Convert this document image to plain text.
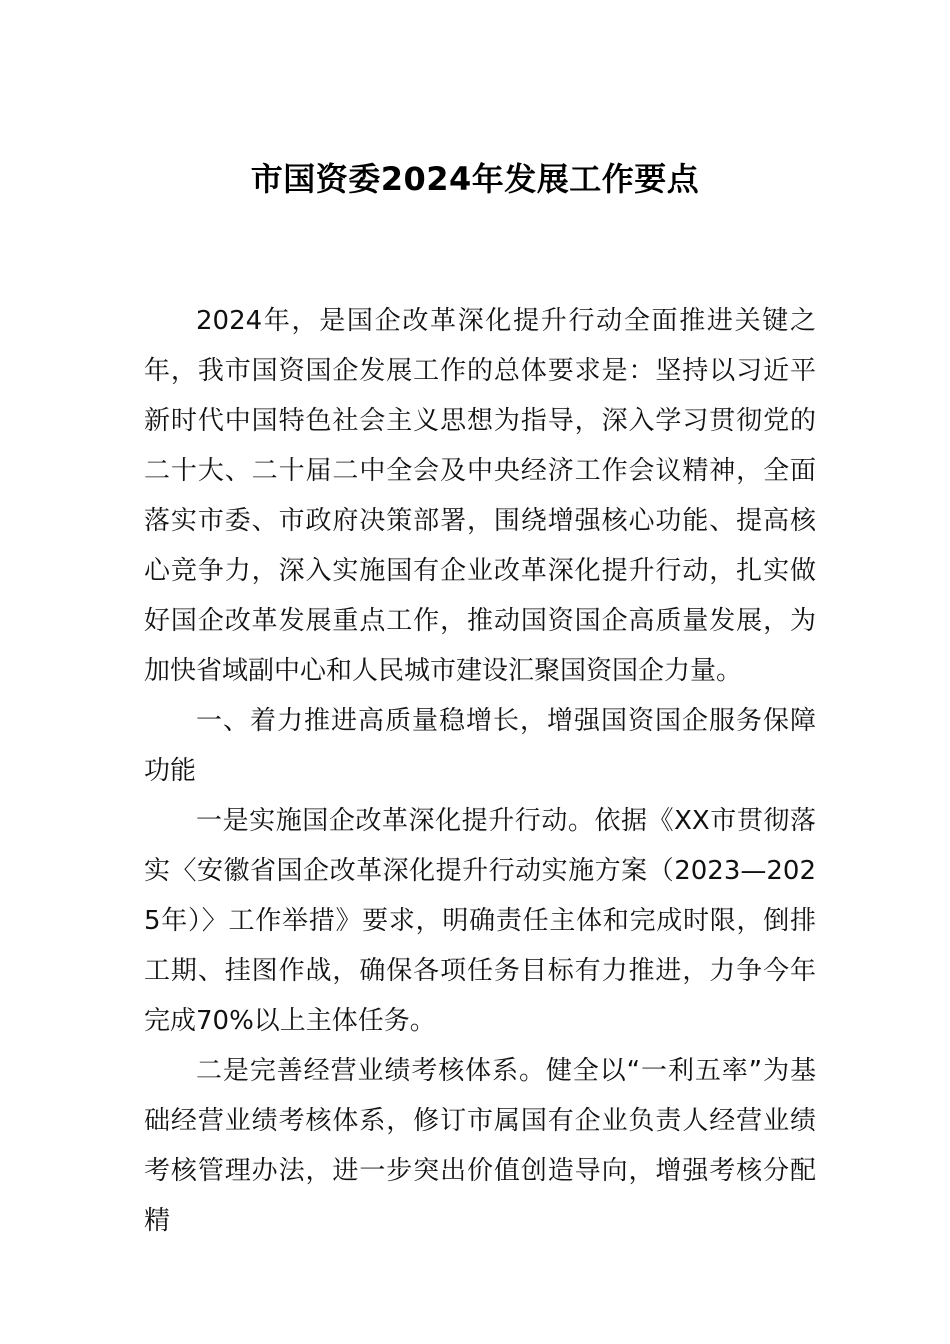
市国资委2024年发展工作要点

2024年，是国企改革深化提升行动全面推进关键之年，我市国资国企发展工作的总体要求是：坚持以习近平新时代中国特色社会主义思想为指导，深入学习贯彻党的二十大、二十届二中全会及中央经济工作会议精神，全面落实市委、市政府决策部署，围绕增强核心功能、提高核心竞争力，深入实施国有企业改革深化提升行动，扎实做好国企改革发展重点工作，推动国资国企高质量发展，为加快省域副中心和人民城市建设汇聚国资国企力量。

一、着力推进高质量稳增长，增强国资国企服务保障功能

一是实施国企改革深化提升行动。依据《XX市贯彻落实〈安徽省国企改革深化提升行动实施方案（2023—2025年）〉工作举措》要求，明确责任主体和完成时限，倒排工期、挂图作战，确保各项任务目标有力推进，力争今年完成70%以上主体任务。

二是完善经营业绩考核体系。健全以“一利五率”为基础经营业绩考核体系，修订市属国有企业负责人经营业绩考核管理办法，进一步突出价值创造导向，增强考核分配精
